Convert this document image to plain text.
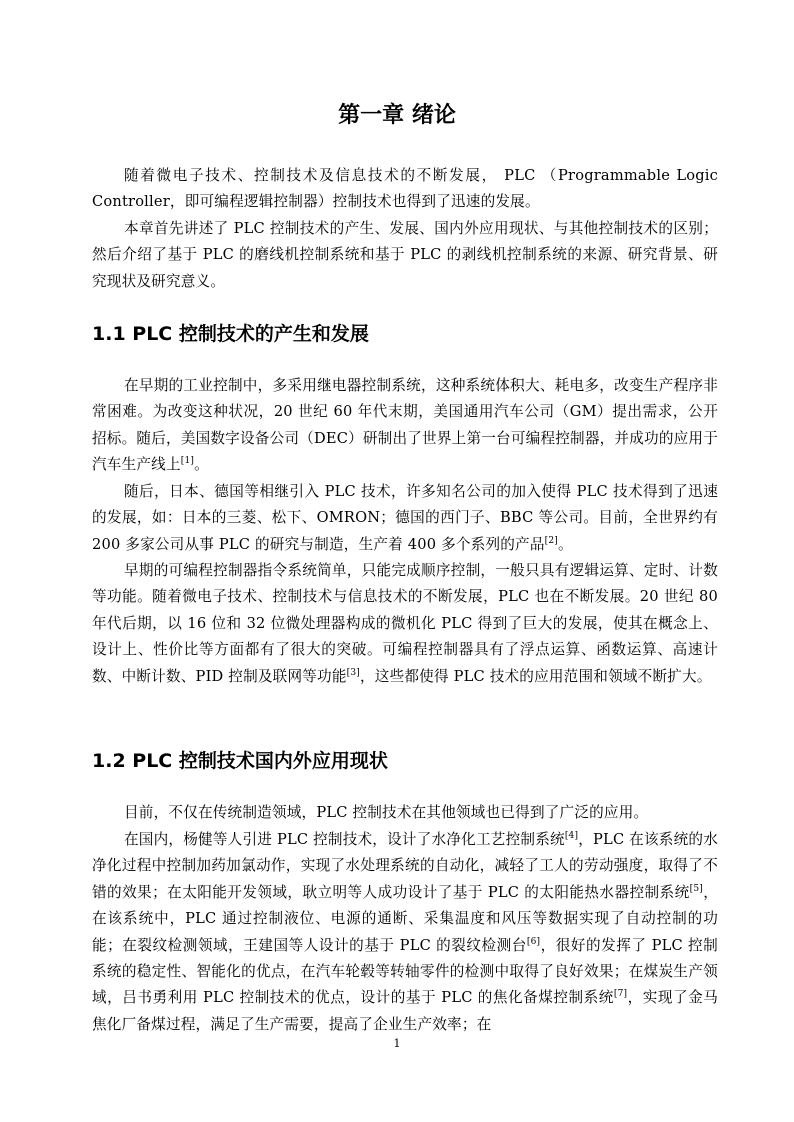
第一章 绪论

随着微电子技术、控制技术及信息技术的不断发展， PLC （Programmable Logic Controller，即可编程逻辑控制器）控制技术也得到了迅速的发展。

本章首先讲述了 PLC 控制技术的产生、发展、国内外应用现状、与其他控制技术的区别；然后介绍了基于 PLC 的磨线机控制系统和基于 PLC 的剥线机控制系统的来源、研究背景、研究现状及研究意义。

1.1 PLC 控制技术的产生和发展

在早期的工业控制中，多采用继电器控制系统，这种系统体积大、耗电多，改变生产程序非常困难。为改变这种状况，20 世纪 60 年代末期，美国通用汽车公司（GM）提出需求，公开招标。随后，美国数字设备公司（DEC）研制出了世界上第一台可编程控制器，并成功的应用于汽车生产线上[1]。

随后，日本、德国等相继引入 PLC 技术，许多知名公司的加入使得 PLC 技术得到了迅速的发展，如：日本的三菱、松下、OMRON；德国的西门子、BBC 等公司。目前，全世界约有 200 多家公司从事 PLC 的研究与制造，生产着 400 多个系列的产品[2]。

早期的可编程控制器指令系统简单，只能完成顺序控制，一般只具有逻辑运算、定时、计数等功能。随着微电子技术、控制技术与信息技术的不断发展，PLC 也在不断发展。20 世纪 80 年代后期，以 16 位和 32 位微处理器构成的微机化 PLC 得到了巨大的发展，使其在概念上、设计上、性价比等方面都有了很大的突破。可编程控制器具有了浮点运算、函数运算、高速计数、中断计数、PID 控制及联网等功能[3]，这些都使得 PLC 技术的应用范围和领域不断扩大。

1.2 PLC 控制技术国内外应用现状

目前，不仅在传统制造领域，PLC 控制技术在其他领域也已得到了广泛的应用。

在国内，杨健等人引进 PLC 控制技术，设计了水净化工艺控制系统[4]，PLC 在该系统的水净化过程中控制加药加氯动作，实现了水处理系统的自动化，减轻了工人的劳动强度，取得了不错的效果；在太阳能开发领域，耿立明等人成功设计了基于 PLC 的太阳能热水器控制系统[5]，在该系统中，PLC 通过控制液位、电源的通断、采集温度和风压等数据实现了自动控制的功能；在裂纹检测领域，王建国等人设计的基于 PLC 的裂纹检测台[6]，很好的发挥了 PLC 控制系统的稳定性、智能化的优点，在汽车轮毂等转轴零件的检测中取得了良好效果；在煤炭生产领域，吕书勇利用 PLC 控制技术的优点，设计的基于 PLC 的焦化备煤控制系统[7]，实现了金马焦化厂备煤过程，满足了生产需要，提高了企业生产效率；在

1
